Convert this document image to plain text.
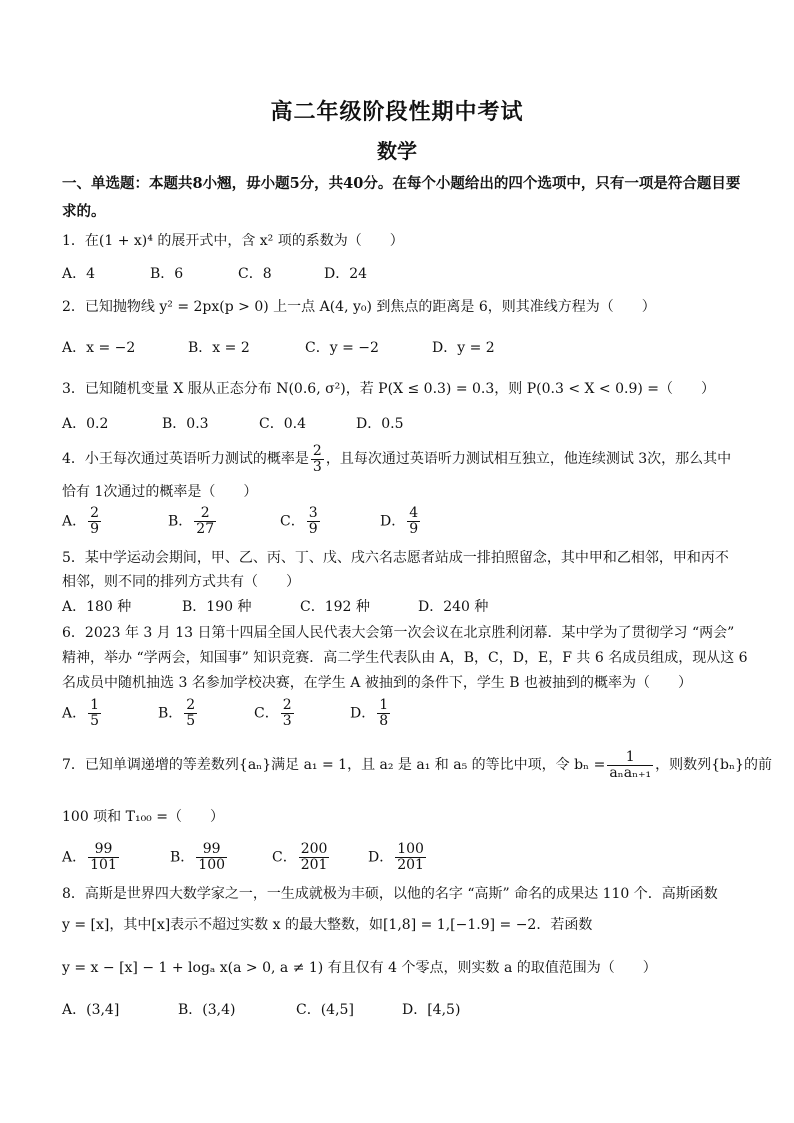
高二年级阶段性期中考试
数学
一、单选题：本题共8小翘，毋小题5分，共40分。在每个小题给出的四个选项中，只有一项是符合题目要求的。
1．在(1 + x)⁴ 的展开式中，含 x² 项的系数为（　　）
A．4	B．6	C．8	D．24
2．已知抛物线 y² = 2px(p > 0) 上一点 A(4, y₀) 到焦点的距离是 6，则其准线方程为（　　）
A．x = −2	B．x = 2	C．y = −2	D．y = 2
3．已知随机变量 X 服从正态分布 N(0.6, σ²)，若 P(X ≤ 0.3) = 0.3，则 P(0.3 < X < 0.9) =（　　）
A．0.2	B．0.3	C．0.4	D．0.5
4．小王每次通过英语听力测试的概率是 $\frac{2}{3}$ ，且每次通过英语听力测试相互独立，他连续测试 3次，那么其中
恰有 1次通过的概率是（　　）
A． $\frac{2}{9}$	B． $\frac{2}{27}$	C． $\frac{3}{9}$	D． $\frac{4}{9}$
5．某中学运动会期间，甲、乙、丙、丁、戊、戌六名志愿者站成一排拍照留念，其中甲和乙相邻，甲和丙不
相邻，则不同的排列方式共有（　　）
A．180 种	B．190 种	C．192 种	D．240 种
6．2023 年 3 月 13 日第十四届全国人民代表大会第一次会议在北京胜利闭幕．某中学为了贯彻学习 “两会”
精神，举办 “学两会，知国事” 知识竞赛．高二学生代表队由 A，B，C，D，E，F 共 6 名成员组成，现从这 6
名成员中随机抽选 3 名参加学校决赛，在学生 A 被抽到的条件下，学生 B 也被抽到的概率为（　　）
A． $\frac{1}{5}$	B． $\frac{2}{5}$	C． $\frac{2}{3}$	D． $\frac{1}{8}$
7．已知单调递增的等差数列{aₙ}满足 a₁ = 1，且 a₂ 是 a₁ 和 a₅ 的等比中项，令 $b_n = \frac{1}{\text{aₙaₙ₊₁}}$ ，则数列{bₙ}的前
100 项和 T₁₀₀ =（　　）
A． $\frac{99}{101}$	B． $\frac{99}{100}$	C． $\frac{200}{201}$	D． $\frac{100}{201}$
8．高斯是世界四大数学家之一，一生成就极为丰硕，以他的名字 “高斯” 命名的成果达 110 个．高斯函数
y = [x]，其中[x]表示不超过实数 x 的最大整数，如[1,8] = 1,[−1.9] = −2．若函数
y = x − [x] − 1 + logₐ x(a > 0, a ≠ 1) 有且仅有 4 个零点，则实数 a 的取值范围为（　　）
A．(3,4]	B．(3,4)	C．(4,5]	D．[4,5)
